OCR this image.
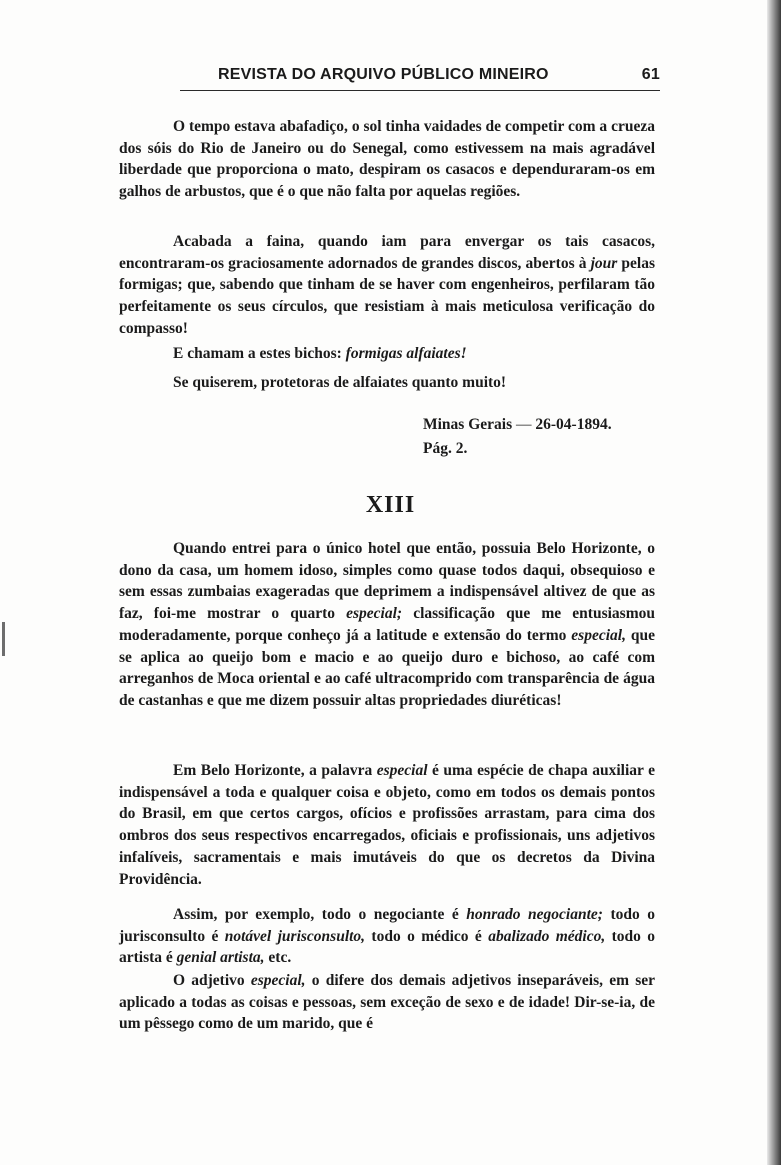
REVISTA DO ARQUIVO PÚBLICO MINEIRO	61

O tempo estava abafadiço, o sol tinha vaidades de competir com a crueza dos sóis do Rio de Janeiro ou do Senegal, como estivessem na mais agradável liberdade que proporciona o mato, despiram os casacos e dependuraram-os em galhos de arbustos, que é o que não falta por aquelas regiões.

Acabada a faina, quando iam para envergar os tais casacos, encontraram-os graciosamente adornados de grandes discos, abertos à jour pelas formigas; que, sabendo que tinham de se haver com engenheiros, perfilaram tão perfeitamente os seus círculos, que resistiam à mais meticulosa verificação do compasso!

E chamam a estes bichos: formigas alfaiates!

Se quiserem, protetoras de alfaiates quanto muito!

Minas Gerais — 26-04-1894.
Pág. 2.
XIII

Quando entrei para o único hotel que então, possuia Belo Horizonte, o dono da casa, um homem idoso, simples como quase todos daqui, obsequioso e sem essas zumbaias exageradas que deprimem a indispensável altivez de que as faz, foi-me mostrar o quarto especial; classificação que me entusiasmou moderadamente, porque conheço já a latitude e extensão do termo especial, que se aplica ao queijo bom e macio e ao queijo duro e bichoso, ao café com arreganhos de Moca oriental e ao café ultracomprido com transparência de água de castanhas e que me dizem possuir altas propriedades diuréticas!

Em Belo Horizonte, a palavra especial é uma espécie de chapa auxiliar e indispensável a toda e qualquer coisa e objeto, como em todos os demais pontos do Brasil, em que certos cargos, ofícios e profissões arrastam, para cima dos ombros dos seus respectivos encarregados, oficiais e profissionais, uns adjetivos infalíveis, sacramentais e mais imutáveis do que os decretos da Divina Providência.

Assim, por exemplo, todo o negociante é honrado negociante; todo o jurisconsulto é notável jurisconsulto, todo o médico é abalizado médico, todo o artista é genial artista, etc.

O adjetivo especial, o difere dos demais adjetivos inseparáveis, em ser aplicado a todas as coisas e pessoas, sem exceção de sexo e de idade! Dir-se-ia, de um pêssego como de um marido, que é
